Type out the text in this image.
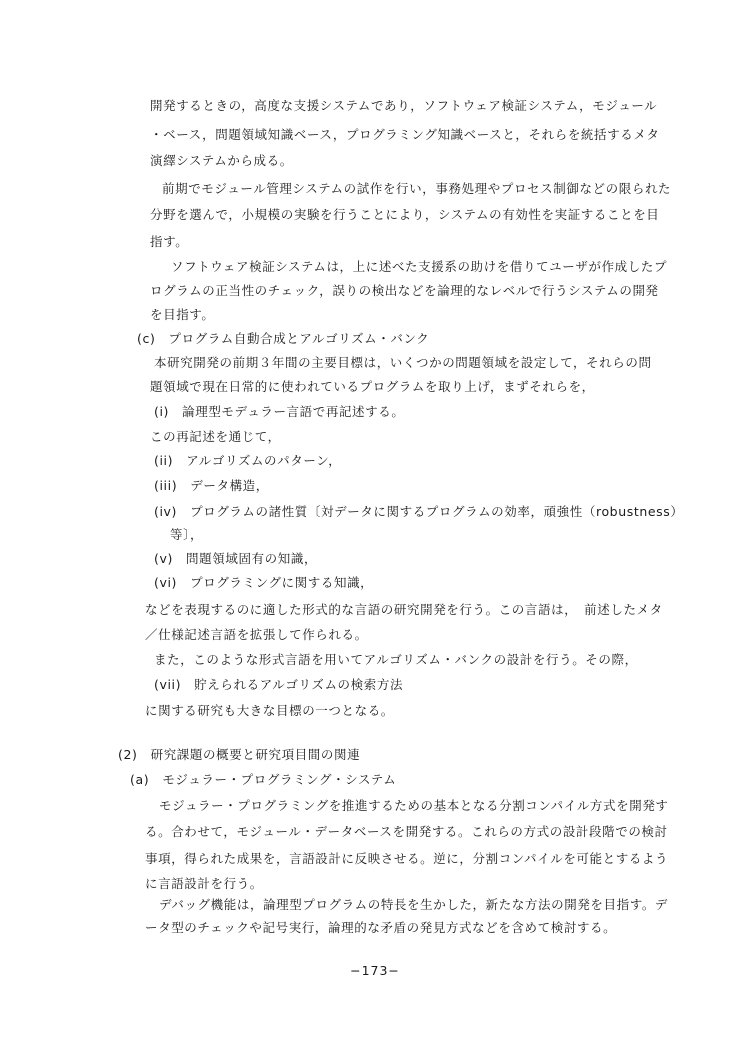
開発するときの，高度な支援システムであり，ソフトウェア検証システム，モジュール
・ベース，問題領域知識ベース，プログラミング知識ベースと，それらを統括するメタ
演繹システムから成る。
前期でモジュール管理システムの試作を行い，事務処理やプロセス制御などの限られた
分野を選んで，小規模の実験を行うことにより，システムの有効性を実証することを目
指す。
ソフトウェア検証システムは，上に述べた支援系の助けを借りてユーザが作成したプ
ログラムの正当性のチェック，誤りの検出などを論理的なレベルで行うシステムの開発
を目指す。
(c)　プログラム自動合成とアルゴリズム・バンク
本研究開発の前期３年間の主要目標は，いくつかの問題領域を設定して，それらの問
題領域で現在日常的に使われているプログラムを取り上げ，まずそれらを，
(i)　論理型モデュラー言語で再記述する。
この再記述を通じて，
(ii)　アルゴリズムのパターン，
(iii)　データ構造，
(iv)　プログラムの諸性質〔対データに関するプログラムの効率，頑強性（robustness）
等〕，
(v)　問題領域固有の知識，
(vi)　プログラミングに関する知識，
などを表現するのに適した形式的な言語の研究開発を行う。この言語は，　前述したメタ
／仕様記述言語を拡張して作られる。
また，このような形式言語を用いてアルゴリズム・バンクの設計を行う。その際，
(vii)　貯えられるアルゴリズムの検索方法
に関する研究も大きな目標の一つとなる。
(2)　研究課題の概要と研究項目間の関連
(a)　モジュラー・プログラミング・システム
モジュラー・プログラミングを推進するための基本となる分割コンパイル方式を開発す
る。合わせて，モジュール・データベースを開発する。これらの方式の設計段階での検討
事項，得られた成果を，言語設計に反映させる。逆に，分割コンパイルを可能とするよう
に言語設計を行う。
デバッグ機能は，論理型プログラムの特長を生かした，新たな方法の開発を目指す。デ
ータ型のチェックや記号実行，論理的な矛盾の発見方式などを含めて検討する。
−173−
